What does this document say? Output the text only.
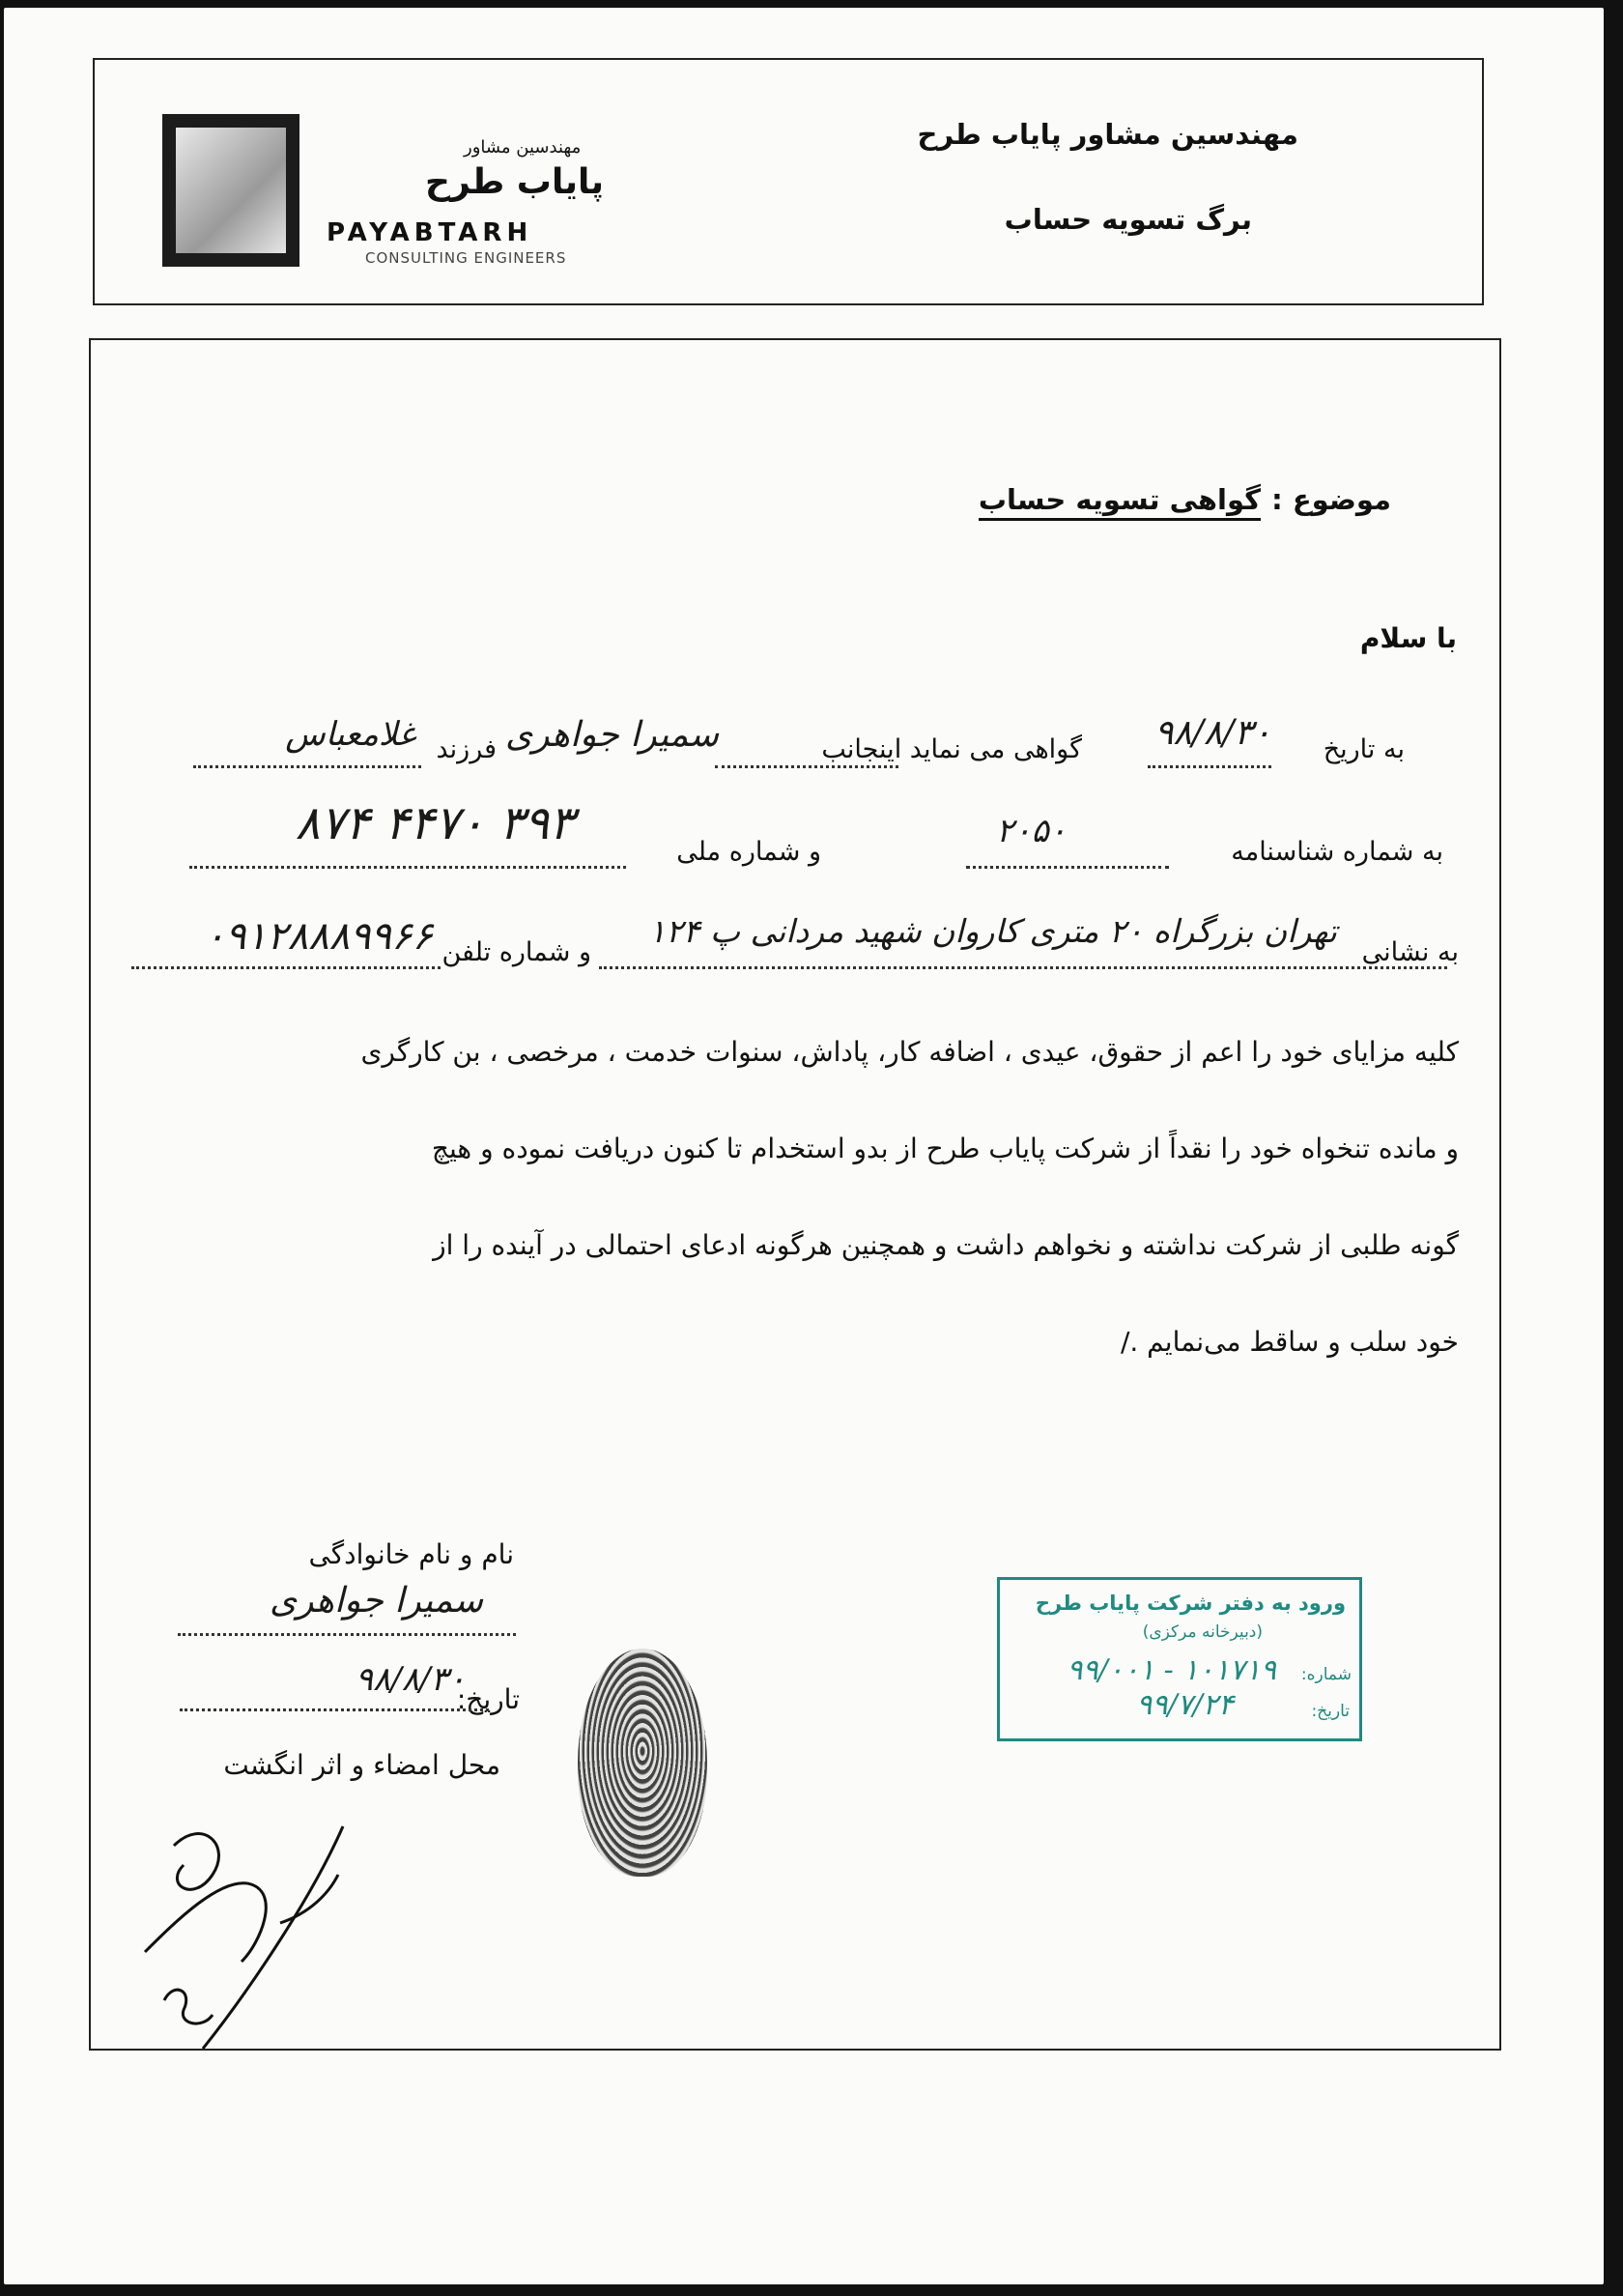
مهندسین مشاور
پایاب طرح
PAYABTARH
CONSULTING ENGINEERS
مهندسین مشاور پایاب طرح
برگ تسویه حساب
موضوع :
گواهی تسویه حساب
با سلام
به تاریخ
۹۸/۸/۳۰
گواهی می نماید اینجانب
سمیرا جواهری
فرزند
غلامعباس
به شماره شناسنامه
۲۰۵۰
و شماره ملی
۳۹۳ ۴۴۷۰ ۸۷۴
به نشانی
تهران بزرگراه ۲۰ متری کاروان شهید مردانی پ ۱۲۴
و شماره تلفن
۰۹۱۲۸۸۸۹۹۶۶
کلیه مزایای خود را اعم از حقوق، عیدی ، اضافه کار، پاداش، سنوات خدمت ، مرخصی ، بن کارگری
و مانده تنخواه خود را نقداً از شرکت پایاب طرح از بدو استخدام تا کنون دریافت نموده و هیچ
گونه طلبی از شرکت نداشته و نخواهم داشت و همچنین هرگونه ادعای احتمالی در آینده را از
خود سلب و ساقط می‌نمایم ./
نام و نام خانوادگی
سمیرا جواهری
تاریخ:
۹۸/۸/۳۰
محل امضاء و اثر انگشت
ورود به دفتر شرکت پایاب طرح
(دبیرخانه مرکزی)
شماره:
۱۰۱۷۱۹ - ۹۹/۰۰۱
تاریخ:
۹۹/۷/۲۴
